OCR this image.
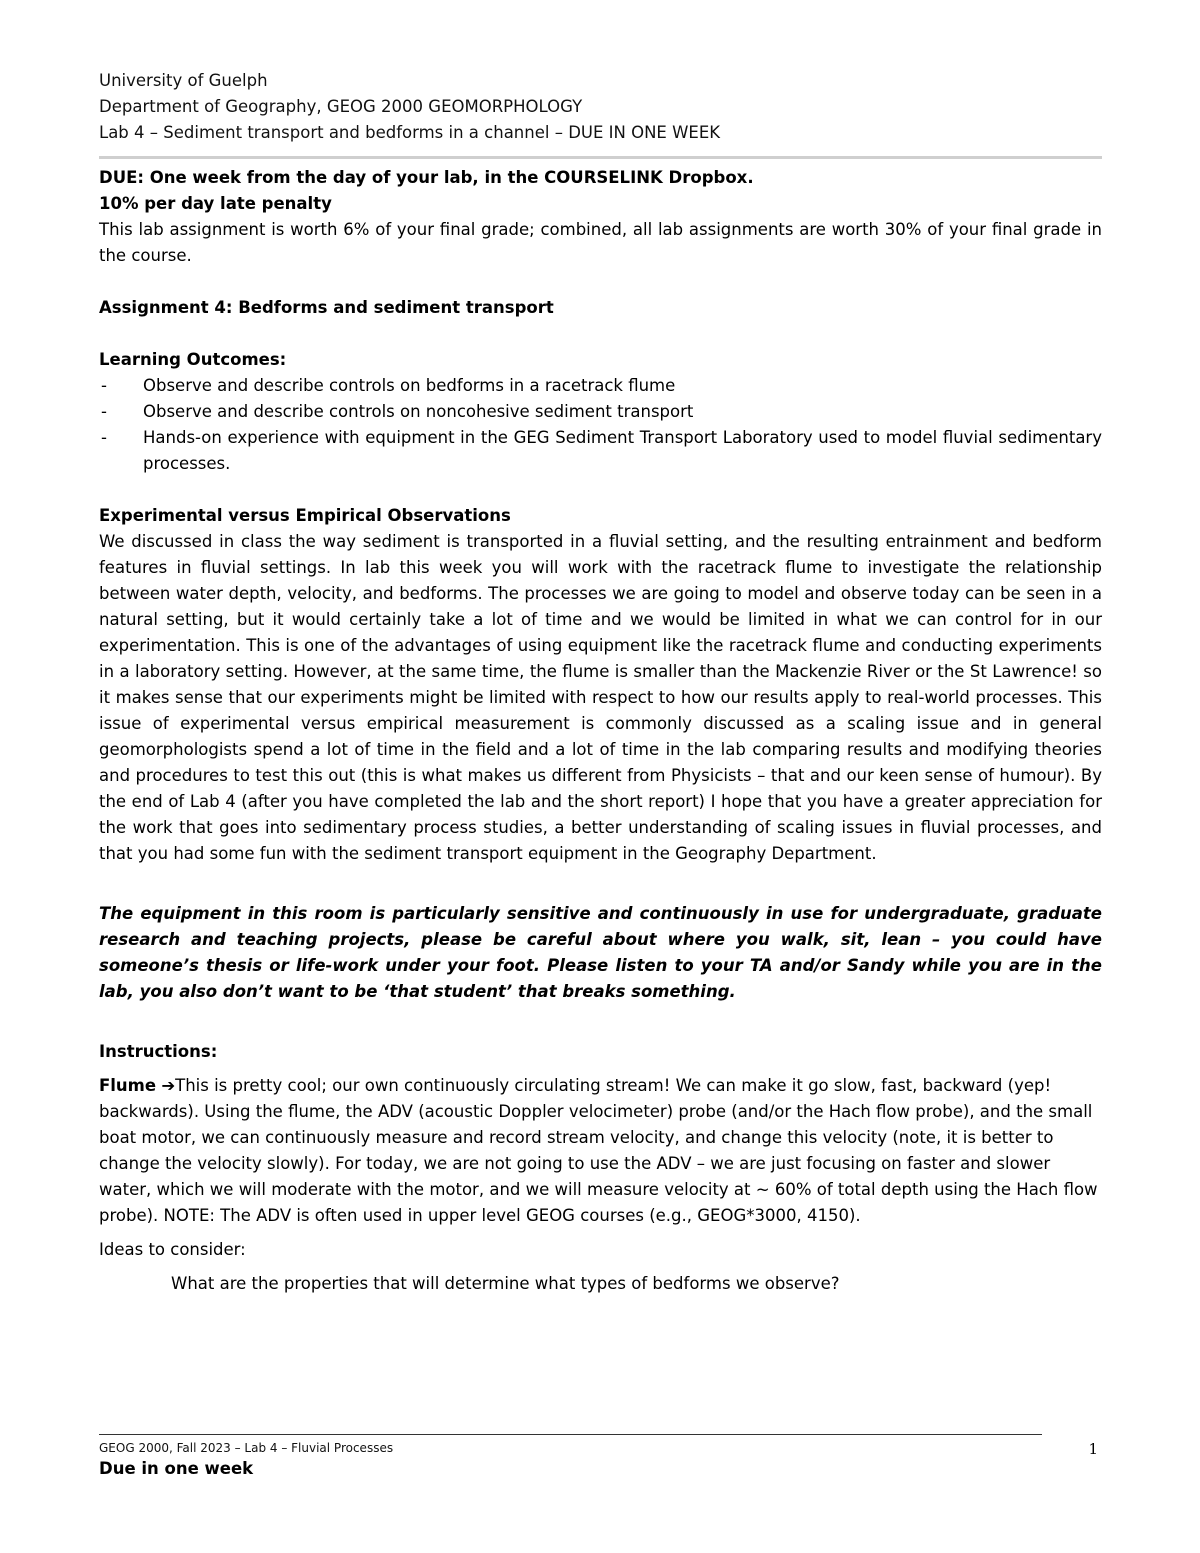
University of Guelph
Department of Geography, GEOG 2000 GEOMORPHOLOGY
Lab 4 – Sediment transport and bedforms in a channel – DUE IN ONE WEEK

DUE: One week from the day of your lab, in the COURSELINK Dropbox.

10% per day late penalty

This lab assignment is worth 6% of your final grade; combined, all lab assignments are worth 30% of your final grade in the course.

Assignment 4: Bedforms and sediment transport

Learning Outcomes:

- Observe and describe controls on bedforms in a racetrack flume
- Observe and describe controls on noncohesive sediment transport
- Hands-on experience with equipment in the GEG Sediment Transport Laboratory used to model fluvial sedimentary processes.

Experimental versus Empirical Observations

We discussed in class the way sediment is transported in a fluvial setting, and the resulting entrainment and bedform features in fluvial settings. In lab this week you will work with the racetrack flume to investigate the relationship between water depth, velocity, and bedforms. The processes we are going to model and observe today can be seen in a natural setting, but it would certainly take a lot of time and we would be limited in what we can control for in our experimentation. This is one of the advantages of using equipment like the racetrack flume and conducting experiments in a laboratory setting. However, at the same time, the flume is smaller than the Mackenzie River or the St Lawrence! so it makes sense that our experiments might be limited with respect to how our results apply to real-world processes. This issue of experimental versus empirical measurement is commonly discussed as a scaling issue and in general geomorphologists spend a lot of time in the field and a lot of time in the lab comparing results and modifying theories and procedures to test this out (this is what makes us different from Physicists – that and our keen sense of humour). By the end of Lab 4 (after you have completed the lab and the short report) I hope that you have a greater appreciation for the work that goes into sedimentary process studies, a better understanding of scaling issues in fluvial processes, and that you had some fun with the sediment transport equipment in the Geography Department.

The equipment in this room is particularly sensitive and continuously in use for undergraduate, graduate research and teaching projects, please be careful about where you walk, sit, lean – you could have someone’s thesis or life-work under your foot. Please listen to your TA and/or Sandy while you are in the lab, you also don’t want to be ‘that student’ that breaks something.

Instructions:

Flume ➔This is pretty cool; our own continuously circulating stream! We can make it go slow, fast, backward (yep! backwards). Using the flume, the ADV (acoustic Doppler velocimeter) probe (and/or the Hach flow probe), and the small boat motor, we can continuously measure and record stream velocity, and change this velocity (note, it is better to change the velocity slowly). For today, we are not going to use the ADV – we are just focusing on faster and slower water, which we will moderate with the motor, and we will measure velocity at ~ 60% of total depth using the Hach flow probe). NOTE: The ADV is often used in upper level GEOG courses (e.g., GEOG*3000, 4150).

Ideas to consider:

What are the properties that will determine what types of bedforms we observe?

GEOG 2000, Fall 2023 – Lab 4 – Fluvial Processes
Due in one week
1
